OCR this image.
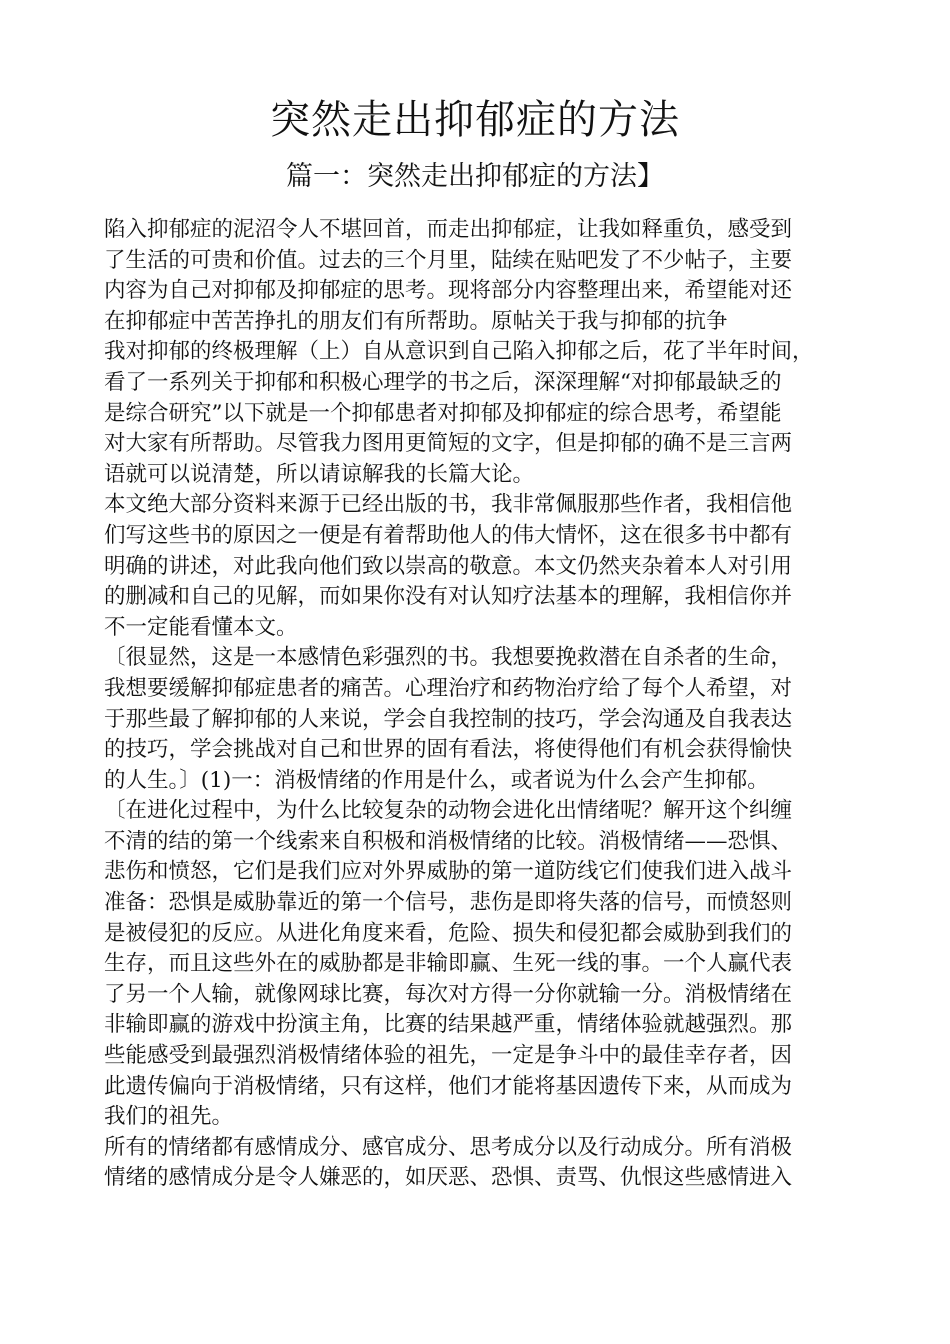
突然走出抑郁症的方法
篇一：突然走出抑郁症的方法】
陷入抑郁症的泥沼令人不堪回首，而走出抑郁症，让我如释重负，感受到
了生活的可贵和价值。过去的三个月里，陆续在贴吧发了不少帖子，主要
内容为自己对抑郁及抑郁症的思考。现将部分内容整理出来，希望能对还
在抑郁症中苦苦挣扎的朋友们有所帮助。原帖关于我与抑郁的抗争
我对抑郁的终极理解（上）自从意识到自己陷入抑郁之后，花了半年时间，
看了一系列关于抑郁和积极心理学的书之后，深深理解“对抑郁最缺乏的
是综合研究”以下就是一个抑郁患者对抑郁及抑郁症的综合思考，希望能
对大家有所帮助。尽管我力图用更简短的文字，但是抑郁的确不是三言两
语就可以说清楚，所以请谅解我的长篇大论。
本文绝大部分资料来源于已经出版的书，我非常佩服那些作者，我相信他
们写这些书的原因之一便是有着帮助他人的伟大情怀，这在很多书中都有
明确的讲述，对此我向他们致以崇高的敬意。本文仍然夹杂着本人对引用
的删减和自己的见解，而如果你没有对认知疗法基本的理解，我相信你并
不一定能看懂本文。
〔很显然，这是一本感情色彩强烈的书。我想要挽救潜在自杀者的生命，
我想要缓解抑郁症患者的痛苦。心理治疗和药物治疗给了每个人希望，对
于那些最了解抑郁的人来说，学会自我控制的技巧，学会沟通及自我表达
的技巧，学会挑战对自己和世界的固有看法，将使得他们有机会获得愉快
的人生。〕(1)一：消极情绪的作用是什么，或者说为什么会产生抑郁。
〔在进化过程中，为什么比较复杂的动物会进化出情绪呢？解开这个纠缠
不清的结的第一个线索来自积极和消极情绪的比较。消极情绪——恐惧、
悲伤和愤怒，它们是我们应对外界威胁的第一道防线它们使我们进入战斗
准备：恐惧是威胁靠近的第一个信号，悲伤是即将失落的信号，而愤怒则
是被侵犯的反应。从进化角度来看，危险、损失和侵犯都会威胁到我们的
生存，而且这些外在的威胁都是非输即赢、生死一线的事。一个人赢代表
了另一个人输，就像网球比赛，每次对方得一分你就输一分。消极情绪在
非输即赢的游戏中扮演主角，比赛的结果越严重，情绪体验就越强烈。那
些能感受到最强烈消极情绪体验的祖先，一定是争斗中的最佳幸存者，因
此遗传偏向于消极情绪，只有这样，他们才能将基因遗传下来，从而成为
我们的祖先。
所有的情绪都有感情成分、感官成分、思考成分以及行动成分。所有消极
情绪的感情成分是令人嫌恶的，如厌恶、恐惧、责骂、仇恨这些感情进入
